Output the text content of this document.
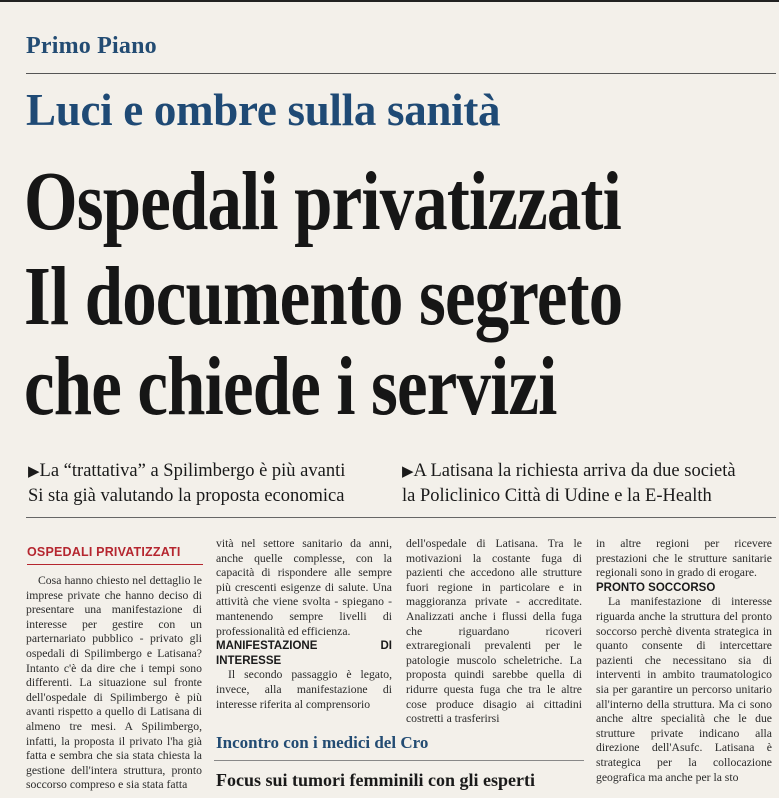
Primo Piano
Luci e ombre sulla sanità
Ospedali privatizzati
Il documento segreto
che chiede i servizi
▶La “trattativa” a Spilimbergo è più avanti
Si sta già valutando la proposta economica
▶A Latisana la richiesta arriva da due società
la Policlinico Città di Udine e la E-Health
OSPEDALI PRIVATIZZATI

Cosa hanno chiesto nel dettaglio le imprese private che hanno deciso di presentare una manifestazione di interesse per gestire con un parternariato pubblico - privato gli ospedali di Spilimbergo e Latisana? Intanto c'è da dire che i tempi sono differenti. La situazione sul fronte dell'ospedale di Spilimbergo è più avanti rispetto a quello di Latisana di almeno tre mesi. A Spilimbergo, infatti, la proposta il privato l'ha già fatta e sembra che sia stata chiesta la gestione dell'intera struttura, pronto soccorso compreso e sia stata fatta

vità nel settore sanitario da anni, anche quelle complesse, con la capacità di rispondere alle sempre più crescenti esigenze di salute. Una attività che viene svolta - spiegano - mantenendo sempre livelli di professionalità ed efficienza.

MANIFESTAZIONE DI INTERESSE

Il secondo passaggio è legato, invece, alla manifestazione di interesse riferita al comprensorio

dell'ospedale di Latisana. Tra le motivazioni la costante fuga di pazienti che accedono alle strutture fuori regione in particolare e in maggioranza private - accreditate. Analizzati anche i flussi della fuga che riguardano ricoveri extraregionali prevalenti per le patologie muscolo scheletriche. La proposta quindi sarebbe quella di ridurre questa fuga che tra le altre cose produce disagio ai cittadini costretti a trasferirsi

in altre regioni per ricevere prestazioni che le strutture sanitarie regionali sono in grado di erogare.

PRONTO SOCCORSO

La manifestazione di interesse riguarda anche la struttura del pronto soccorso perchè diventa strategica in quanto consente di intercettare pazienti che necessitano sia di interventi in ambito traumatologico sia per garantire un percorso unitario all'interno della struttura. Ma ci sono anche altre specialità che le due strutture private indicano alla direzione dell'Asufc. Latisana è strategica per la collocazione geografica ma anche per la sto

Incontro con i medici del Cro
Focus sui tumori femminili con gli esperti
